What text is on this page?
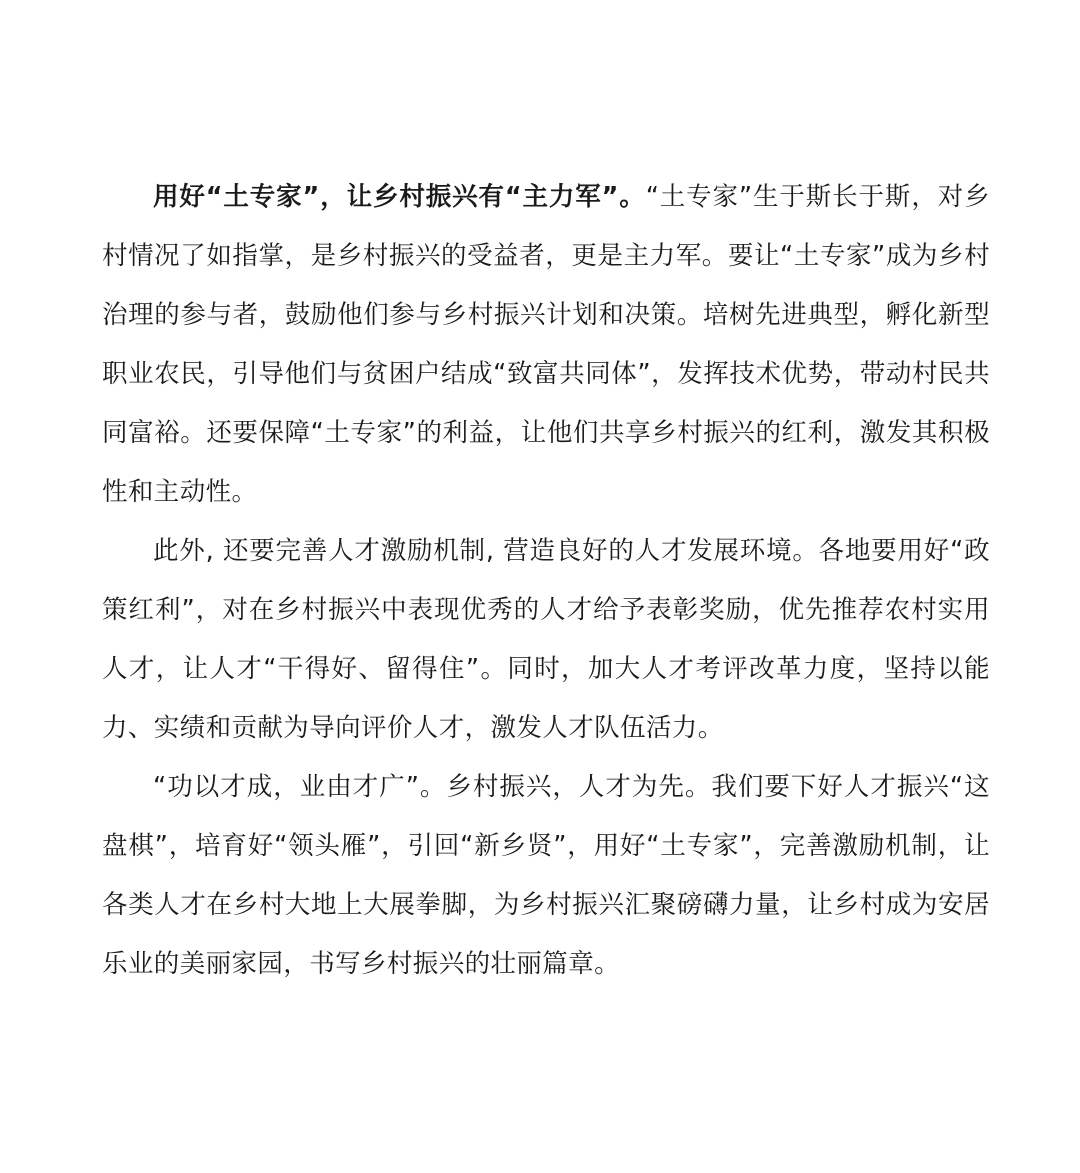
用好“土专家”，让乡村振兴有“主力军”。“土专家”生于斯长于斯，对乡村情况了如指掌，是乡村振兴的受益者，更是主力军。要让“土专家”成为乡村治理的参与者，鼓励他们参与乡村振兴计划和决策。培树先进典型，孵化新型职业农民，引导他们与贫困户结成“致富共同体”，发挥技术优势，带动村民共同富裕。还要保障“土专家”的利益，让他们共享乡村振兴的红利，激发其积极性和主动性。

此外, 还要完善人才激励机制, 营造良好的人才发展环境。各地要用好“政策红利”，对在乡村振兴中表现优秀的人才给予表彰奖励，优先推荐农村实用人才，让人才“干得好、留得住”。同时，加大人才考评改革力度，坚持以能力、实绩和贡献为导向评价人才，激发人才队伍活力。

“功以才成，业由才广”。乡村振兴，人才为先。我们要下好人才振兴“这盘棋”，培育好“领头雁”，引回“新乡贤”，用好“土专家”，完善激励机制，让各类人才在乡村大地上大展拳脚，为乡村振兴汇聚磅礴力量，让乡村成为安居乐业的美丽家园，书写乡村振兴的壮丽篇章。
